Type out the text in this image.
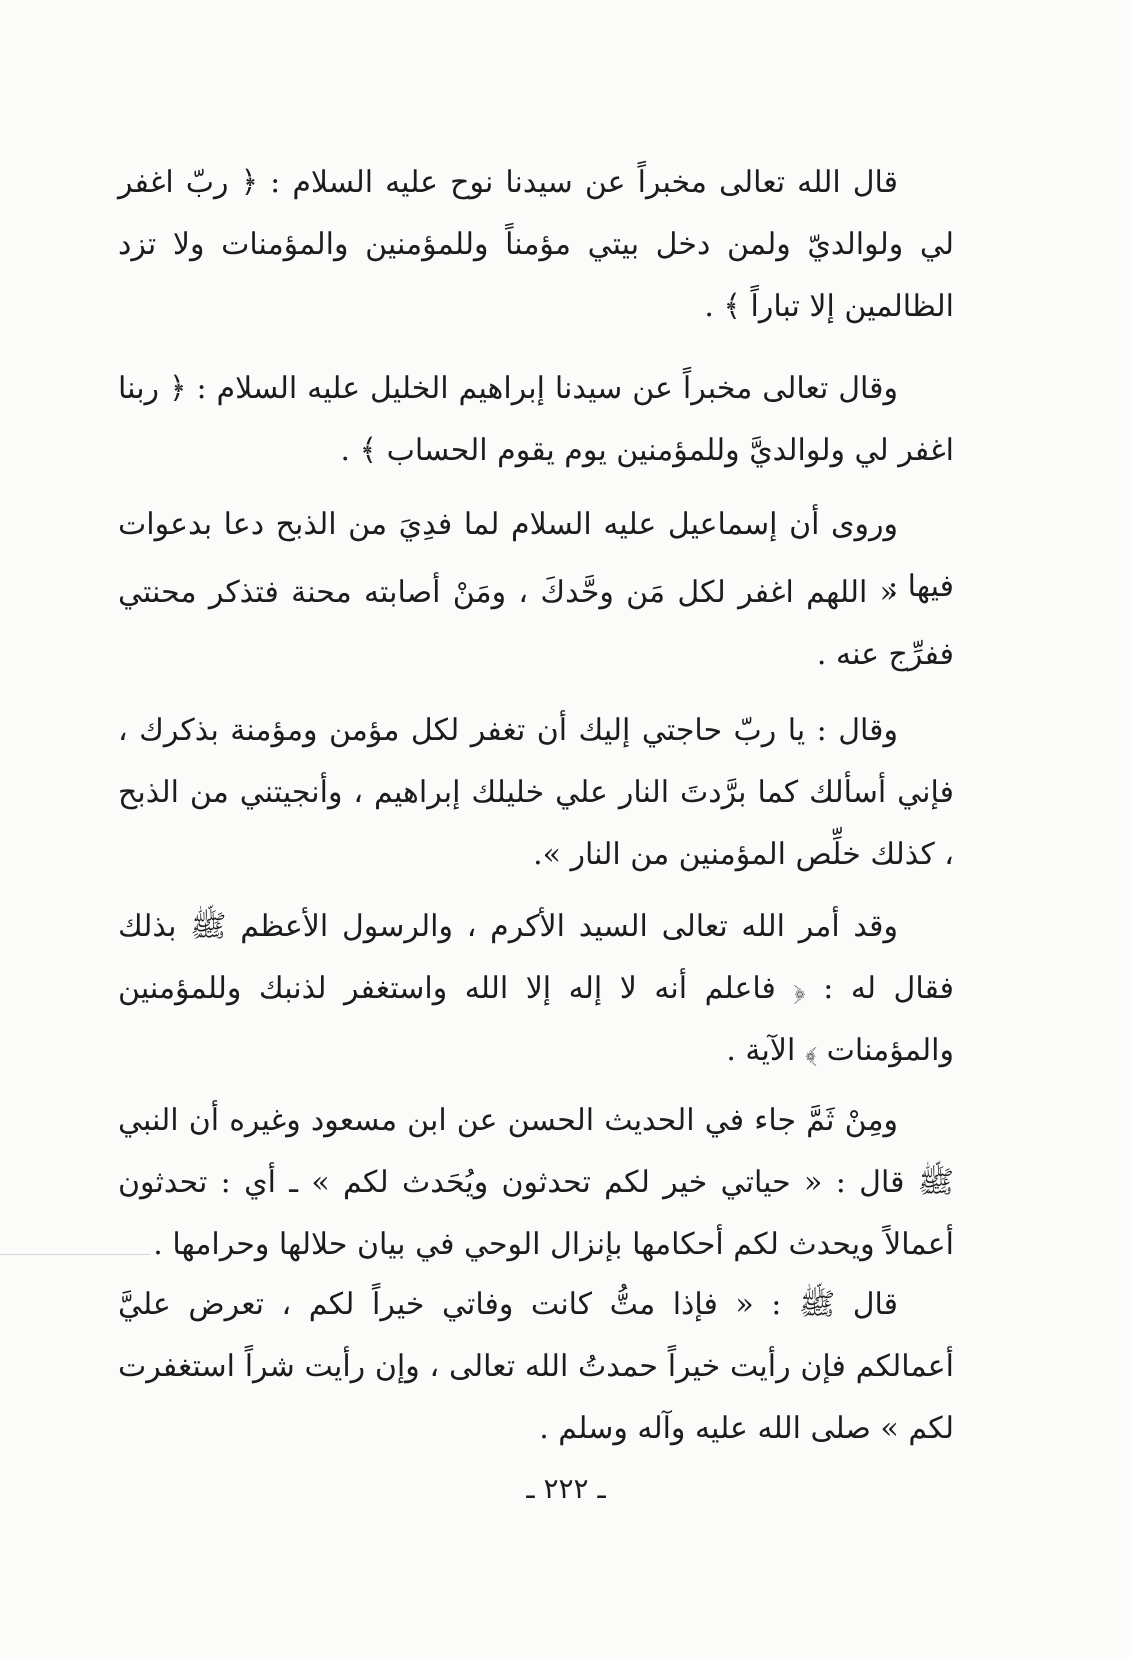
قال الله تعالى مخبراً عن سيدنا نوح عليه السلام : ﴿ ربّ اغفر لي ولوالديّ ولمن دخل بيتي مؤمناً وللمؤمنين والمؤمنات ولا تزد الظالمين إلا تباراً ﴾ .

وقال تعالى مخبراً عن سيدنا إبراهيم الخليل عليه السلام : ﴿ ربنا اغفر لي ولوالديَّ وللمؤمنين يوم يقوم الحساب ﴾ .

وروى أن إسماعيل عليه السلام لما فدِيَ من الذبح دعا بدعوات فيها :

« اللهم اغفر لكل مَن وحَّدكَ ، ومَنْ أصابته محنة فتذكر محنتي ففرِّج عنه .

وقال : يا ربّ حاجتي إليك أن تغفر لكل مؤمن ومؤمنة بذكرك ، فإني أسألك كما برَّدتَ النار علي خليلك إبراهيم ، وأنجيتني من الذبح ، كذلك خلِّص المؤمنين من النار ».

وقد أمر الله تعالى السيد الأكرم ، والرسول الأعظم ﷺ بذلك فقال له : ﴿ فاعلم أنه لا إله إلا الله واستغفر لذنبك وللمؤمنين والمؤمنات ﴾ الآية .

ومِنْ ثَمَّ جاء في الحديث الحسن عن ابن مسعود وغيره أن النبي ﷺ قال : « حياتي خير لكم تحدثون ويُحَدث لكم » ـ أي : تحدثون أعمالاً ويحدث لكم أحكامها بإنزال الوحي في بيان حلالها وحرامها .

قال ﷺ : « فإذا متُّ كانت وفاتي خيراً لكم ، تعرض عليَّ أعمالكم فإن رأيت خيراً حمدتُ الله تعالى ، وإن رأيت شراً استغفرت لكم » صلى الله عليه وآله وسلم .

ـ ٢٢٢ ـ
